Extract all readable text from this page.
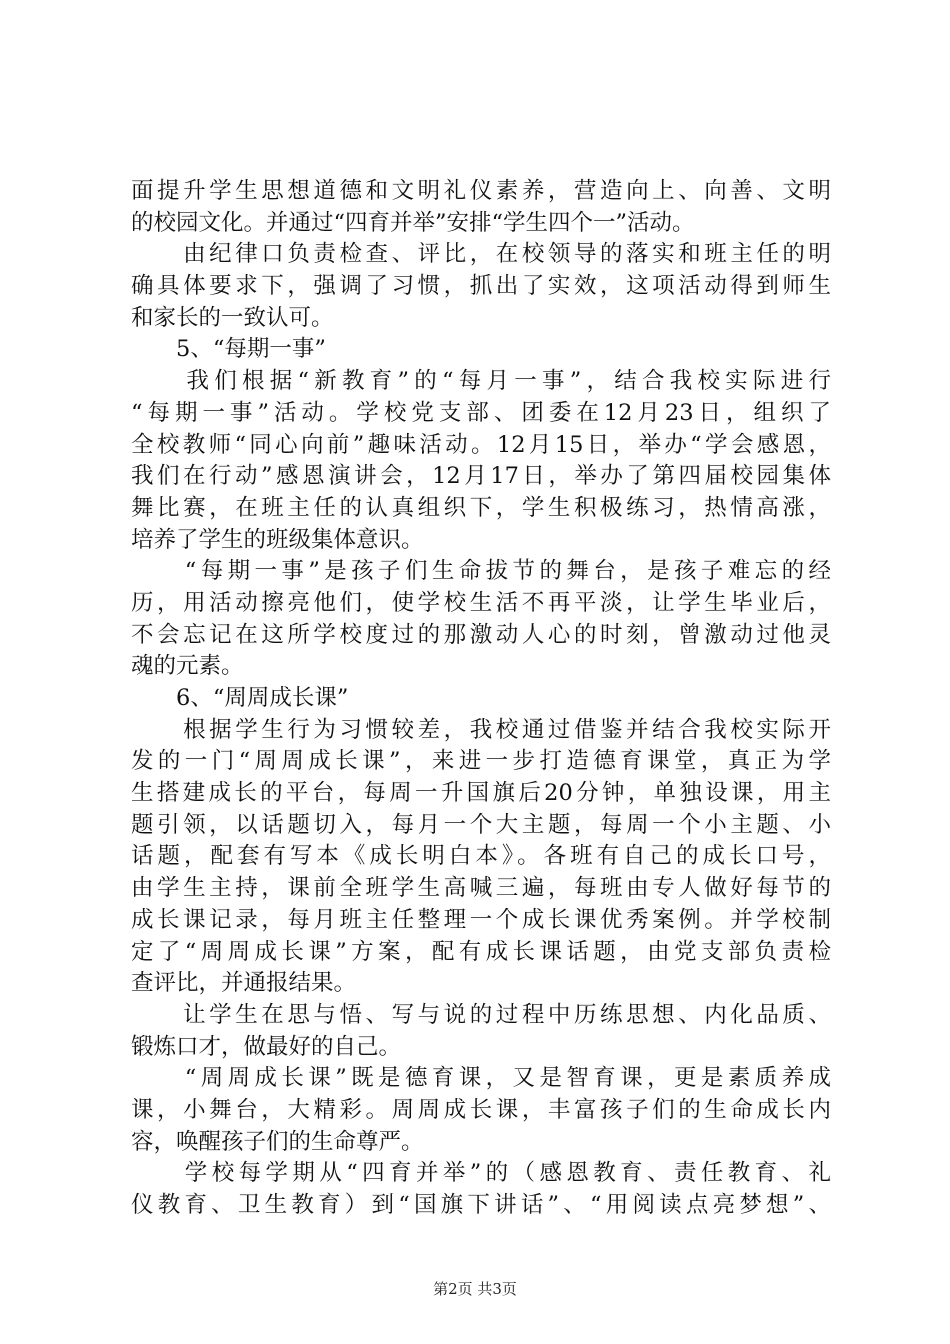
面提升学生思想道德和文明礼仪素养，营造向上、向善、文明
的校园文化。并通过“四育并举”安排“学生四个一”活动。
　　由纪律口负责检查、评比，在校领导的落实和班主任的明
确具体要求下，强调了习惯，抓出了实效，这项活动得到师生
和家长的一致认可。
　　5、“每期一事”
　　我们根据“新教育”的“每月一事”，结合我校实际进行
“每期一事”活动。学校党支部、团委在12月23日，组织了
全校教师“同心向前”趣味活动。12月15日，举办“学会感恩，
我们在行动”感恩演讲会，12月17日，举办了第四届校园集体
舞比赛，在班主任的认真组织下，学生积极练习，热情高涨，
培养了学生的班级集体意识。
　　“每期一事”是孩子们生命拔节的舞台，是孩子难忘的经
历，用活动擦亮他们，使学校生活不再平淡，让学生毕业后，
不会忘记在这所学校度过的那激动人心的时刻，曾激动过他灵
魂的元素。
　　6、“周周成长课”
　　根据学生行为习惯较差，我校通过借鉴并结合我校实际开
发的一门“周周成长课”，来进一步打造德育课堂，真正为学
生搭建成长的平台，每周一升国旗后20分钟，单独设课，用主
题引领，以话题切入，每月一个大主题，每周一个小主题、小
话题，配套有写本《成长明白本》。各班有自己的成长口号，
由学生主持，课前全班学生高喊三遍，每班由专人做好每节的
成长课记录，每月班主任整理一个成长课优秀案例。并学校制
定了“周周成长课”方案，配有成长课话题，由党支部负责检
查评比，并通报结果。
　　让学生在思与悟、写与说的过程中历练思想、内化品质、
锻炼口才，做最好的自己。
　　“周周成长课”既是德育课，又是智育课，更是素质养成
课，小舞台，大精彩。周周成长课，丰富孩子们的生命成长内
容，唤醒孩子们的生命尊严。
　　学校每学期从“四育并举”的（感恩教育、责任教育、礼
仪教育、卫生教育）到“国旗下讲话”、“用阅读点亮梦想”、
第2页 共3页
